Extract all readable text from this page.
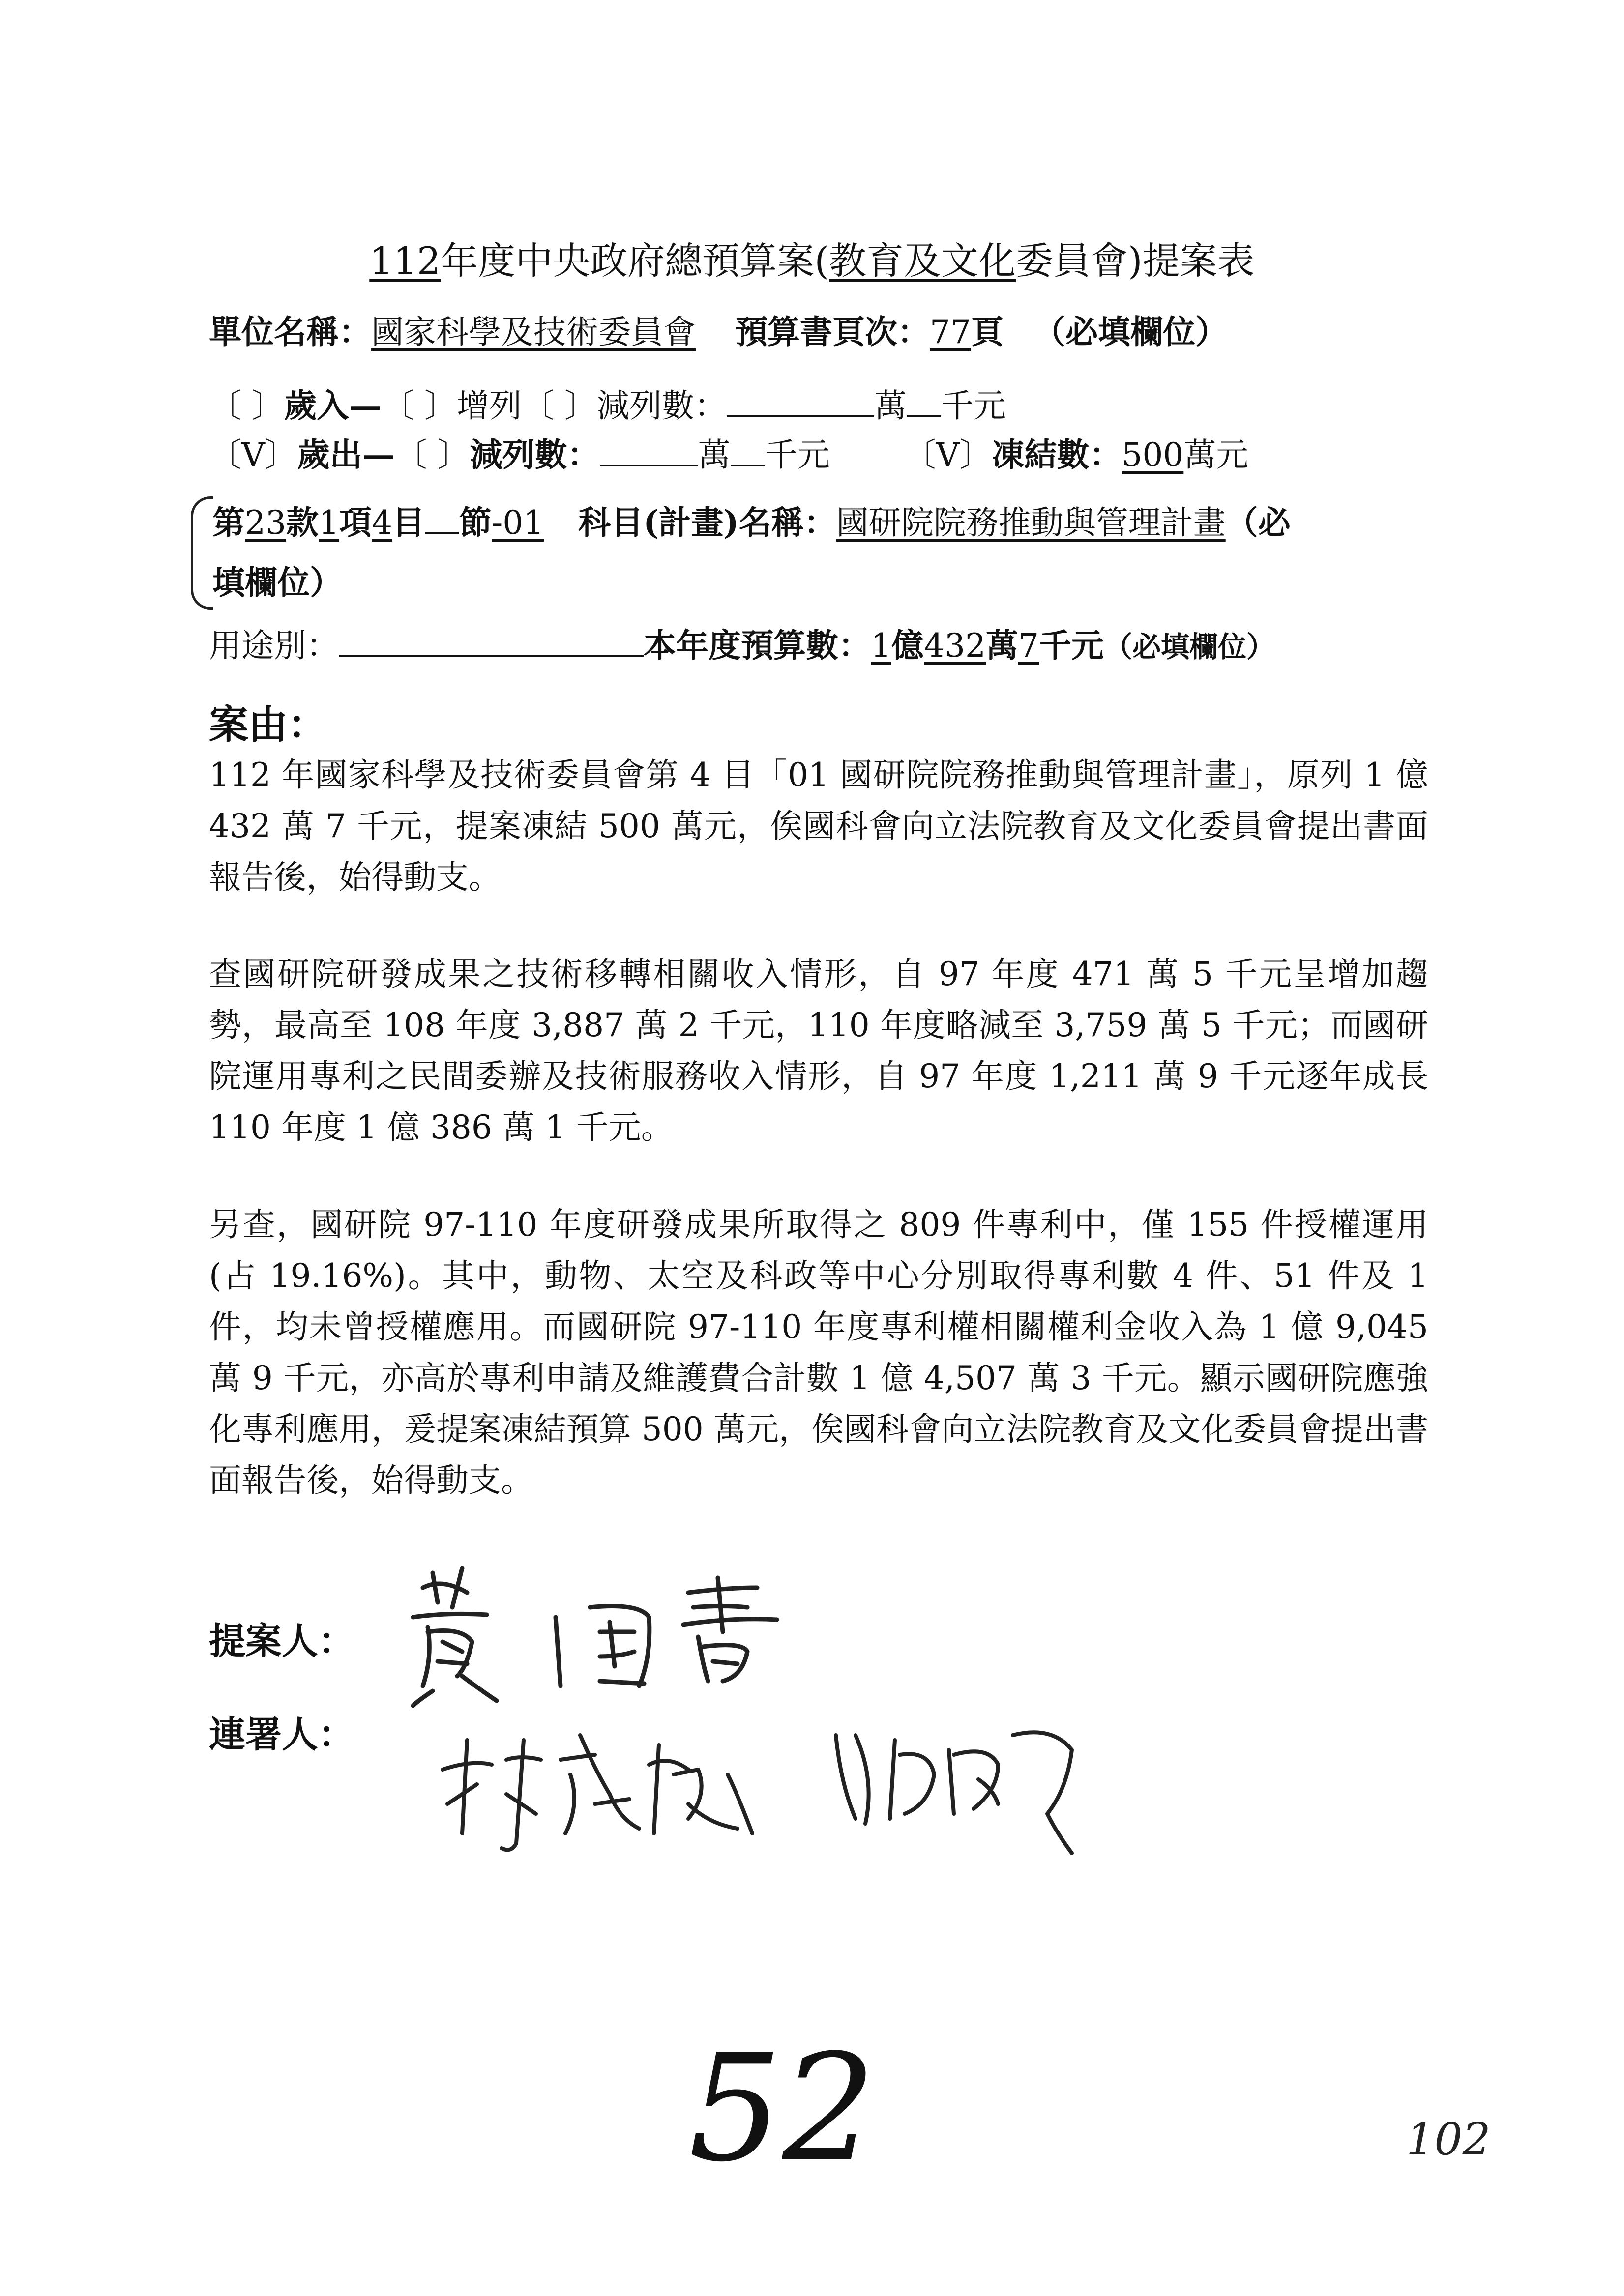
112年度中央政府總預算案(教育及文化委員會)提案表
單位名稱：國家科學及技術委員會 預算書頁次：77頁 （必填欄位）
〔 〕歲入—〔 〕增列〔 〕減列數：	萬 千元
〔V〕歲出—〔 〕減列數：	萬 千元 〔V〕凍結數：500萬元
第23款1項4目 節-01 科目(計畫)名稱：國研院院務推動與管理計畫（必
填欄位）
用途別：	本年度預算數：1億432萬7千元（必填欄位）
案由：
112 年國家科學及技術委員會第 4 目「01 國研院院務推動與管理計畫」，原列 1 億 432 萬 7 千元，提案凍結 500 萬元，俟國科會向立法院教育及文化委員會提出書面報告後，始得動支。
查國研院研發成果之技術移轉相關收入情形，自 97 年度 471 萬 5 千元呈增加趨勢，最高至 108 年度 3,887 萬 2 千元，110 年度略減至 3,759 萬 5 千元；而國研院運用專利之民間委辦及技術服務收入情形，自 97 年度 1,211 萬 9 千元逐年成長 110 年度 1 億 386 萬 1 千元。
另查，國研院 97-110 年度研發成果所取得之 809 件專利中，僅 155 件授權運用(占 19.16%)。其中，動物、太空及科政等中心分別取得專利數 4 件、51 件及 1 件，均未曾授權應用。而國研院 97-110 年度專利權相關權利金收入為 1 億 9,045 萬 9 千元，亦高於專利申請及維護費合計數 1 億 4,507 萬 3 千元。顯示國研院應強化專利應用，爰提案凍結預算 500 萬元，俟國科會向立法院教育及文化委員會提出書面報告後，始得動支。
提案人：
連署人：
52	102
